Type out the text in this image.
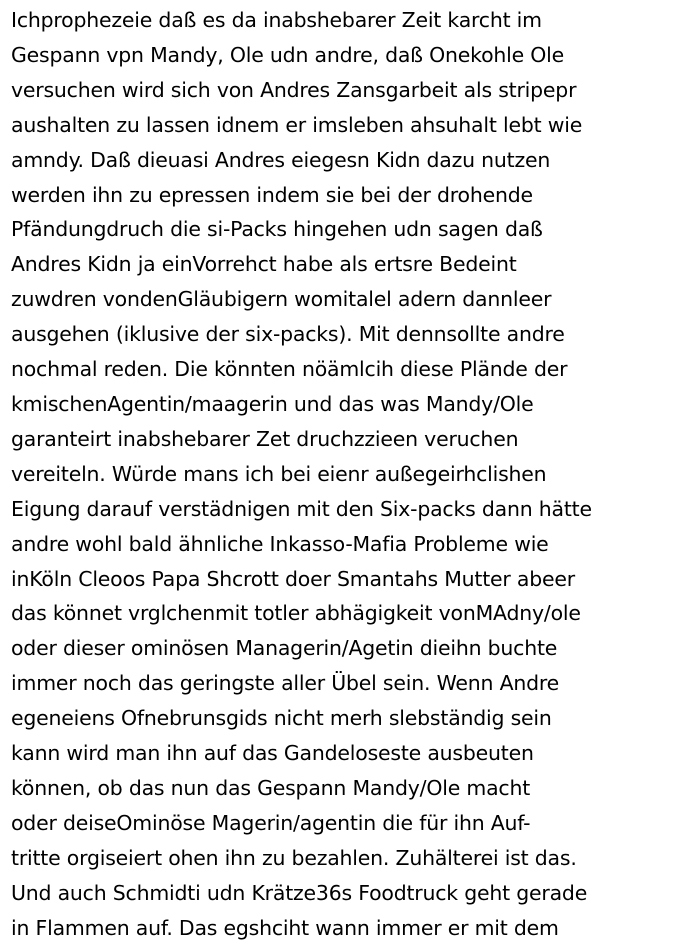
Ichprophezeie daß es da inabshebarer Zeit karcht im
Gespann vpn Mandy, Ole udn andre, daß Onekohle Ole
versuchen wird sich von Andres Zansgarbeit als stripepr
aushalten zu lassen idnem er imsleben ahsuhalt lebt wie
amndy. Daß dieuasi Andres eiegesn Kidn dazu nutzen
werden ihn zu epressen indem sie bei der drohende
Pfändungdruch die si-Packs hingehen udn sagen daß
Andres Kidn ja einVorrehct habe als ertsre Bedeint
zuwdren vondenGläubigern womitalel adern dannleer
ausgehen (iklusive der six-packs). Mit dennsollte andre
nochmal reden. Die könnten nöämlcih diese Plände der
kmischenAgentin/maagerin und das was Mandy/Ole
garanteirt inabshebarer Zet druchzzieen veruchen
vereiteln. Würde mans ich bei eienr außegeirhclishen
Eigung darauf verstädnigen mit den Six-packs dann hätte
andre wohl bald ähnliche Inkasso-Mafia Probleme wie
inKöln Cleoos Papa Shcrott doer Smantahs Mutter abeer
das könnet vrglchenmit totler abhägigkeit vonMAdny/ole
oder dieser ominösen Managerin/Agetin dieihn buchte
immer noch das geringste aller Übel sein. Wenn Andre
egeneiens Ofnebrunsgids nicht merh slebständig sein
kann wird man ihn auf das Gandeloseste ausbeuten
können, ob das nun das Gespann Mandy/Ole macht
oder deiseOminöse Magerin/agentin die für ihn Auf-
tritte orgiseiert ohen ihn zu bezahlen. Zuhälterei ist das.
Und auch Schmidti udn Krätze36s Foodtruck geht gerade
in Flammen auf. Das egshciht wann immer er mit dem
